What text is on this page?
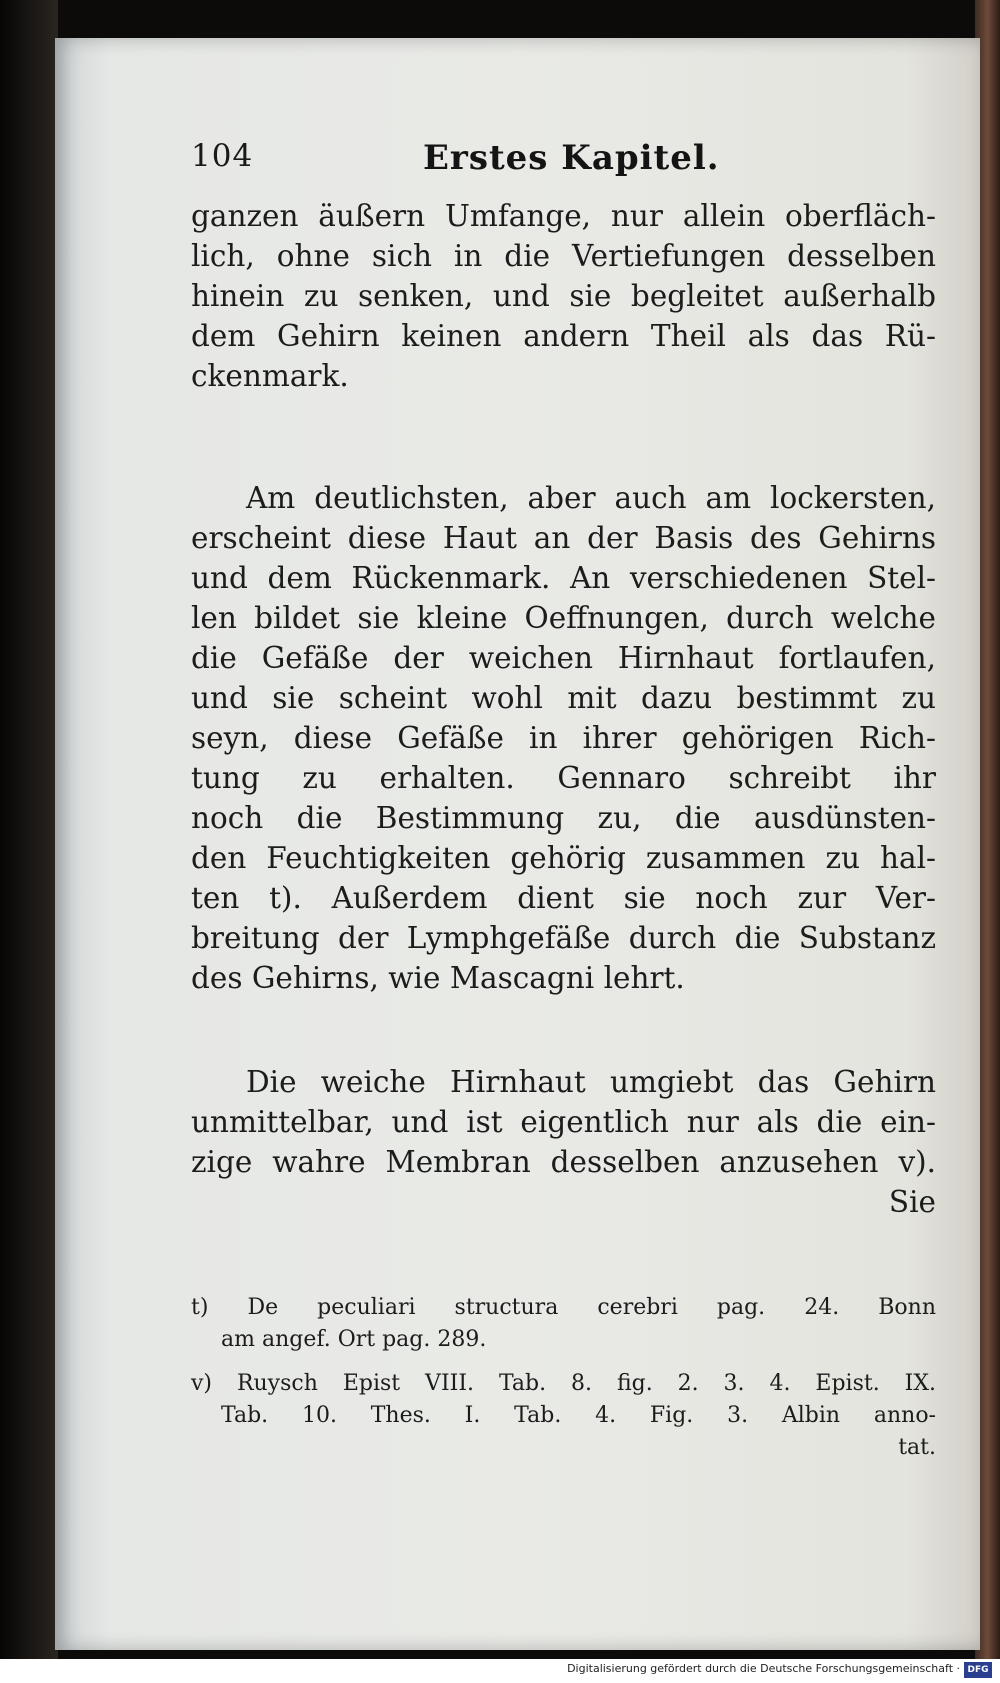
104	Erstes Kapitel.
ganzen äußern Umfange, nur allein oberfläch-
lich, ohne sich in die Vertiefungen desselben
hinein zu senken, und sie begleitet außerhalb
dem Gehirn keinen andern Theil als das Rü-
ckenmark.
Am deutlichsten, aber auch am lockersten,
erscheint diese Haut an der Basis des Gehirns
und dem Rückenmark. An verschiedenen Stel-
len bildet sie kleine Oeffnungen, durch welche
die Gefäße der weichen Hirnhaut fortlaufen,
und sie scheint wohl mit dazu bestimmt zu
seyn, diese Gefäße in ihrer gehörigen Rich-
tung zu erhalten. Gennaro schreibt ihr
noch die Bestimmung zu, die ausdünsten-
den Feuchtigkeiten gehörig zusammen zu hal-
ten t). Außerdem dient sie noch zur Ver-
breitung der Lymphgefäße durch die Substanz
des Gehirns, wie Mascagni lehrt.
Die weiche Hirnhaut umgiebt das Gehirn
unmittelbar, und ist eigentlich nur als die ein-
zige wahre Membran desselben anzusehen v).
Sie
t) De peculiari structura cerebri pag. 24. Bonn
am angef. Ort pag. 289.
v) Ruysch Epist VIII. Tab. 8. fig. 2. 3. 4. Epist. IX.
Tab. 10. Thes. I. Tab. 4. Fig. 3. Albin anno-
tat.
Digitalisierung gefördert durch die Deutsche Forschungsgemeinschaft · DFG
